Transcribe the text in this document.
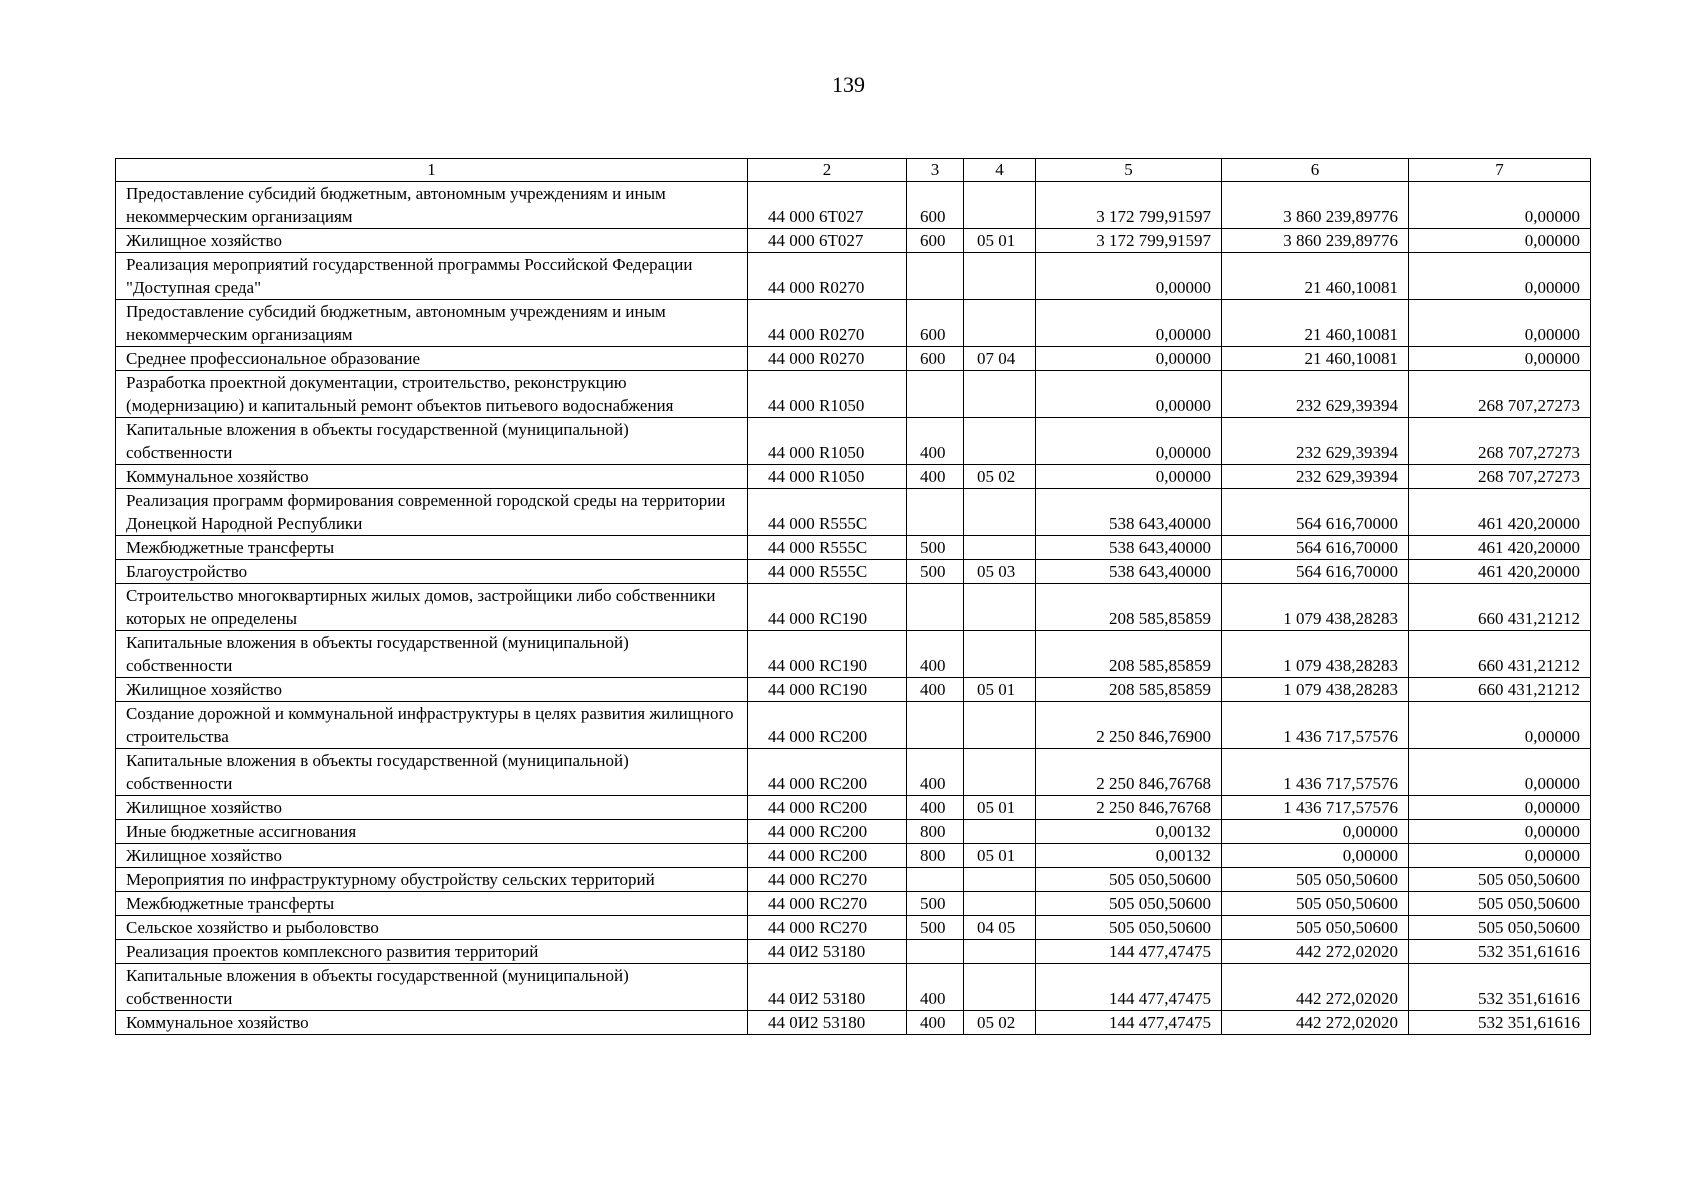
139
1	2	3	4	5	6	7
Предоставление субсидий бюджетным, автономным учреждениям и иным некоммерческим организациям	44 000 6Т027	600		3 172 799,91597	3 860 239,89776	0,00000
Жилищное хозяйство	44 000 6Т027	600	05 01	3 172 799,91597	3 860 239,89776	0,00000
Реализация мероприятий государственной программы Российской Федерации "Доступная среда"	44 000 R0270			0,00000	21 460,10081	0,00000
Предоставление субсидий бюджетным, автономным учреждениям и иным некоммерческим организациям	44 000 R0270	600		0,00000	21 460,10081	0,00000
Среднее профессиональное образование	44 000 R0270	600	07 04	0,00000	21 460,10081	0,00000
Разработка проектной документации, строительство, реконструкцию (модернизацию) и капитальный ремонт объектов питьевого водоснабжения	44 000 R1050			0,00000	232 629,39394	268 707,27273
Капитальные вложения в объекты государственной (муниципальной) собственности	44 000 R1050	400		0,00000	232 629,39394	268 707,27273
Коммунальное хозяйство	44 000 R1050	400	05 02	0,00000	232 629,39394	268 707,27273
Реализация программ формирования современной городской среды на территории Донецкой Народной Республики	44 000 R555C			538 643,40000	564 616,70000	461 420,20000
Межбюджетные трансферты	44 000 R555C	500		538 643,40000	564 616,70000	461 420,20000
Благоустройство	44 000 R555C	500	05 03	538 643,40000	564 616,70000	461 420,20000
Строительство многоквартирных жилых домов, застройщики либо собственники которых не определены	44 000 RC190			208 585,85859	1 079 438,28283	660 431,21212
Капитальные вложения в объекты государственной (муниципальной) собственности	44 000 RC190	400		208 585,85859	1 079 438,28283	660 431,21212
Жилищное хозяйство	44 000 RC190	400	05 01	208 585,85859	1 079 438,28283	660 431,21212
Создание дорожной и коммунальной инфраструктуры в целях развития жилищного строительства	44 000 RC200			2 250 846,76900	1 436 717,57576	0,00000
Капитальные вложения в объекты государственной (муниципальной) собственности	44 000 RC200	400		2 250 846,76768	1 436 717,57576	0,00000
Жилищное хозяйство	44 000 RC200	400	05 01	2 250 846,76768	1 436 717,57576	0,00000
Иные бюджетные ассигнования	44 000 RC200	800		0,00132	0,00000	0,00000
Жилищное хозяйство	44 000 RC200	800	05 01	0,00132	0,00000	0,00000
Мероприятия по инфраструктурному обустройству сельских территорий	44 000 RC270			505 050,50600	505 050,50600	505 050,50600
Межбюджетные трансферты	44 000 RC270	500		505 050,50600	505 050,50600	505 050,50600
Сельское хозяйство и рыболовство	44 000 RC270	500	04 05	505 050,50600	505 050,50600	505 050,50600
Реализация проектов комплексного развития территорий	44 0И2 53180			144 477,47475	442 272,02020	532 351,61616
Капитальные вложения в объекты государственной (муниципальной) собственности	44 0И2 53180	400		144 477,47475	442 272,02020	532 351,61616
Коммунальное хозяйство	44 0И2 53180	400	05 02	144 477,47475	442 272,02020	532 351,61616
